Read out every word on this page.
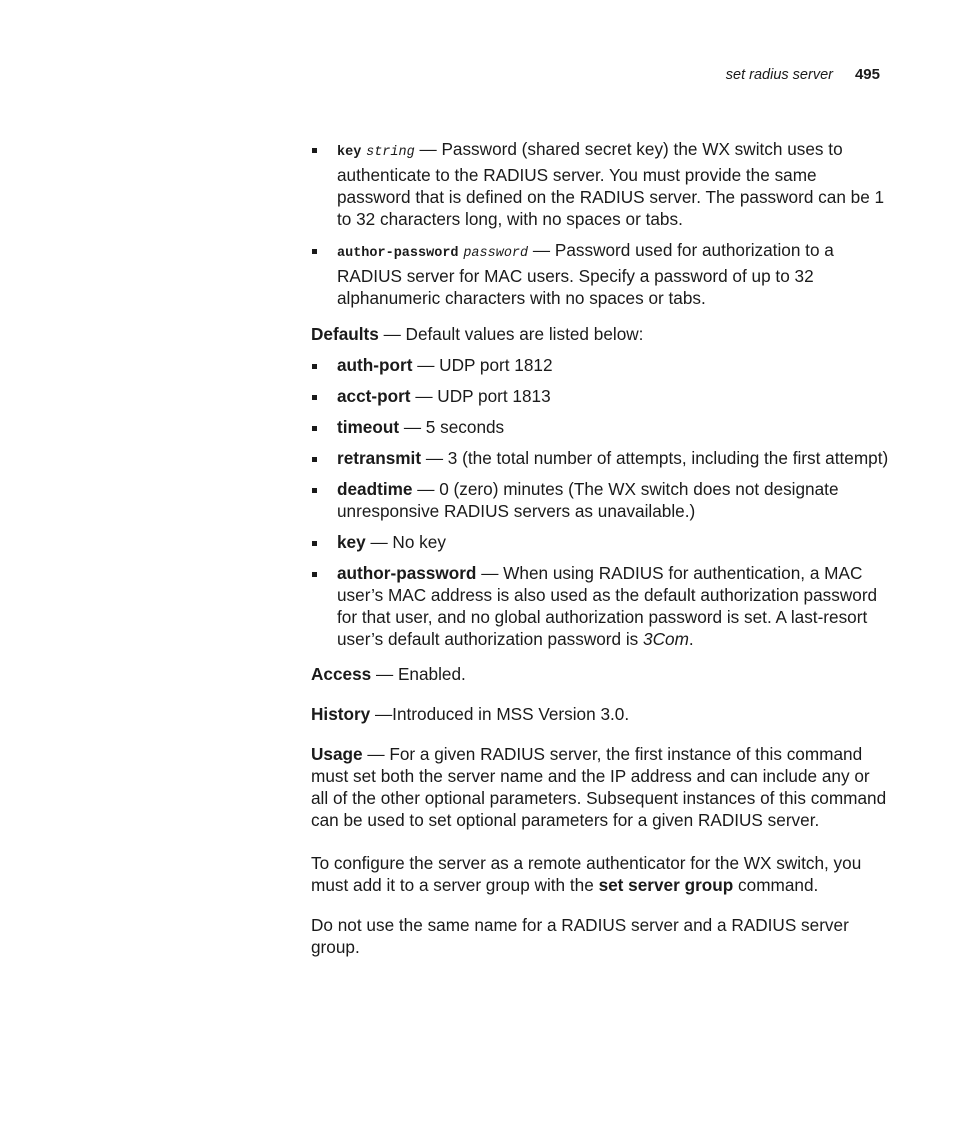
set radius server 495
key string — Password (shared secret key) the WX switch uses to authenticate to the RADIUS server. You must provide the same password that is defined on the RADIUS server. The password can be 1 to 32 characters long, with no spaces or tabs.
author-password password — Password used for authorization to a RADIUS server for MAC users. Specify a password of up to 32 alphanumeric characters with no spaces or tabs.

Defaults — Default values are listed below:

auth-port — UDP port 1812
acct-port — UDP port 1813
timeout — 5 seconds
retransmit — 3 (the total number of attempts, including the first attempt)
deadtime — 0 (zero) minutes (The WX switch does not designate unresponsive RADIUS servers as unavailable.)
key — No key
author-password — When using RADIUS for authentication, a MAC user’s MAC address is also used as the default authorization password for that user, and no global authorization password is set. A last-resort user’s default authorization password is 3Com.

Access — Enabled.

History —Introduced in MSS Version 3.0.

Usage — For a given RADIUS server, the first instance of this command must set both the server name and the IP address and can include any or all of the other optional parameters. Subsequent instances of this command can be used to set optional parameters for a given RADIUS server.

To configure the server as a remote authenticator for the WX switch, you must add it to a server group with the set server group command.

Do not use the same name for a RADIUS server and a RADIUS server group.
